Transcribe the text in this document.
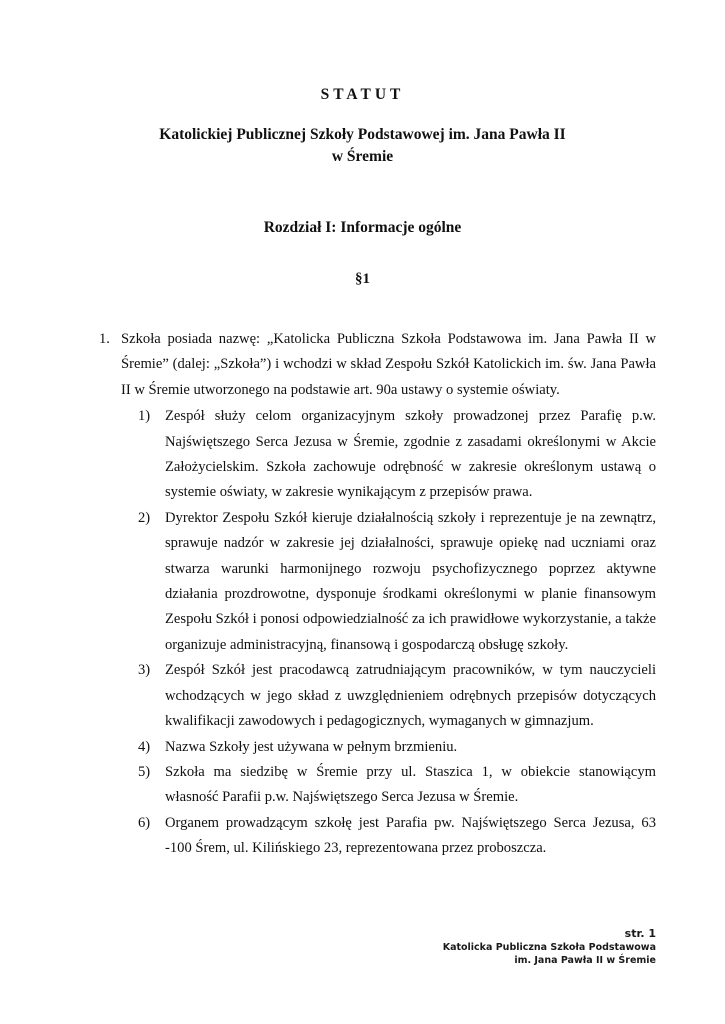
STATUT
Katolickiej Publicznej Szkoły Podstawowej im. Jana Pawła II
w Śremie
Rozdział I: Informacje ogólne
§1
1. Szkoła posiada nazwę: „Katolicka Publiczna Szkoła Podstawowa im. Jana Pawła II w Śremie” (dalej: „Szkoła”) i wchodzi w skład Zespołu Szkół Katolickich im. św. Jana Pawła II w Śremie utworzonego na podstawie art. 90a ustawy o systemie oświaty.
1) Zespół służy celom organizacyjnym szkoły prowadzonej przez Parafię p.w. Najświętszego Serca Jezusa w Śremie, zgodnie z zasadami określonymi w Akcie Założycielskim. Szkoła zachowuje odrębność w zakresie określonym ustawą o systemie oświaty, w zakresie wynikającym z przepisów prawa.
2) Dyrektor Zespołu Szkół kieruje działalnością szkoły i reprezentuje je na zewnątrz, sprawuje nadzór w zakresie jej działalności, sprawuje opiekę nad uczniami oraz stwarza warunki harmonijnego rozwoju psychofizycznego poprzez aktywne działania prozdrowotne, dysponuje środkami określonymi w planie finansowym Zespołu Szkół i ponosi odpowiedzialność za ich prawidłowe wykorzystanie, a także organizuje administracyjną, finansową i gospodarczą obsługę szkoły.
3) Zespół Szkół jest pracodawcą zatrudniającym pracowników, w tym nauczycieli wchodzących w jego skład z uwzględnieniem odrębnych przepisów dotyczących kwalifikacji zawodowych i pedagogicznych, wymaganych w gimnazjum.
4) Nazwa Szkoły jest używana w pełnym brzmieniu.
5) Szkoła ma siedzibę w Śremie przy ul. Staszica 1, w obiekcie stanowiącym własność Parafii p.w. Najświętszego Serca Jezusa w Śremie.
6) Organem prowadzącym szkołę jest Parafia pw. Najświętszego Serca Jezusa, 63 -100 Śrem, ul. Kilińskiego 23, reprezentowana przez proboszcza.
str. 1
Katolicka Publiczna Szkoła Podstawowa
im. Jana Pawła II w Śremie
